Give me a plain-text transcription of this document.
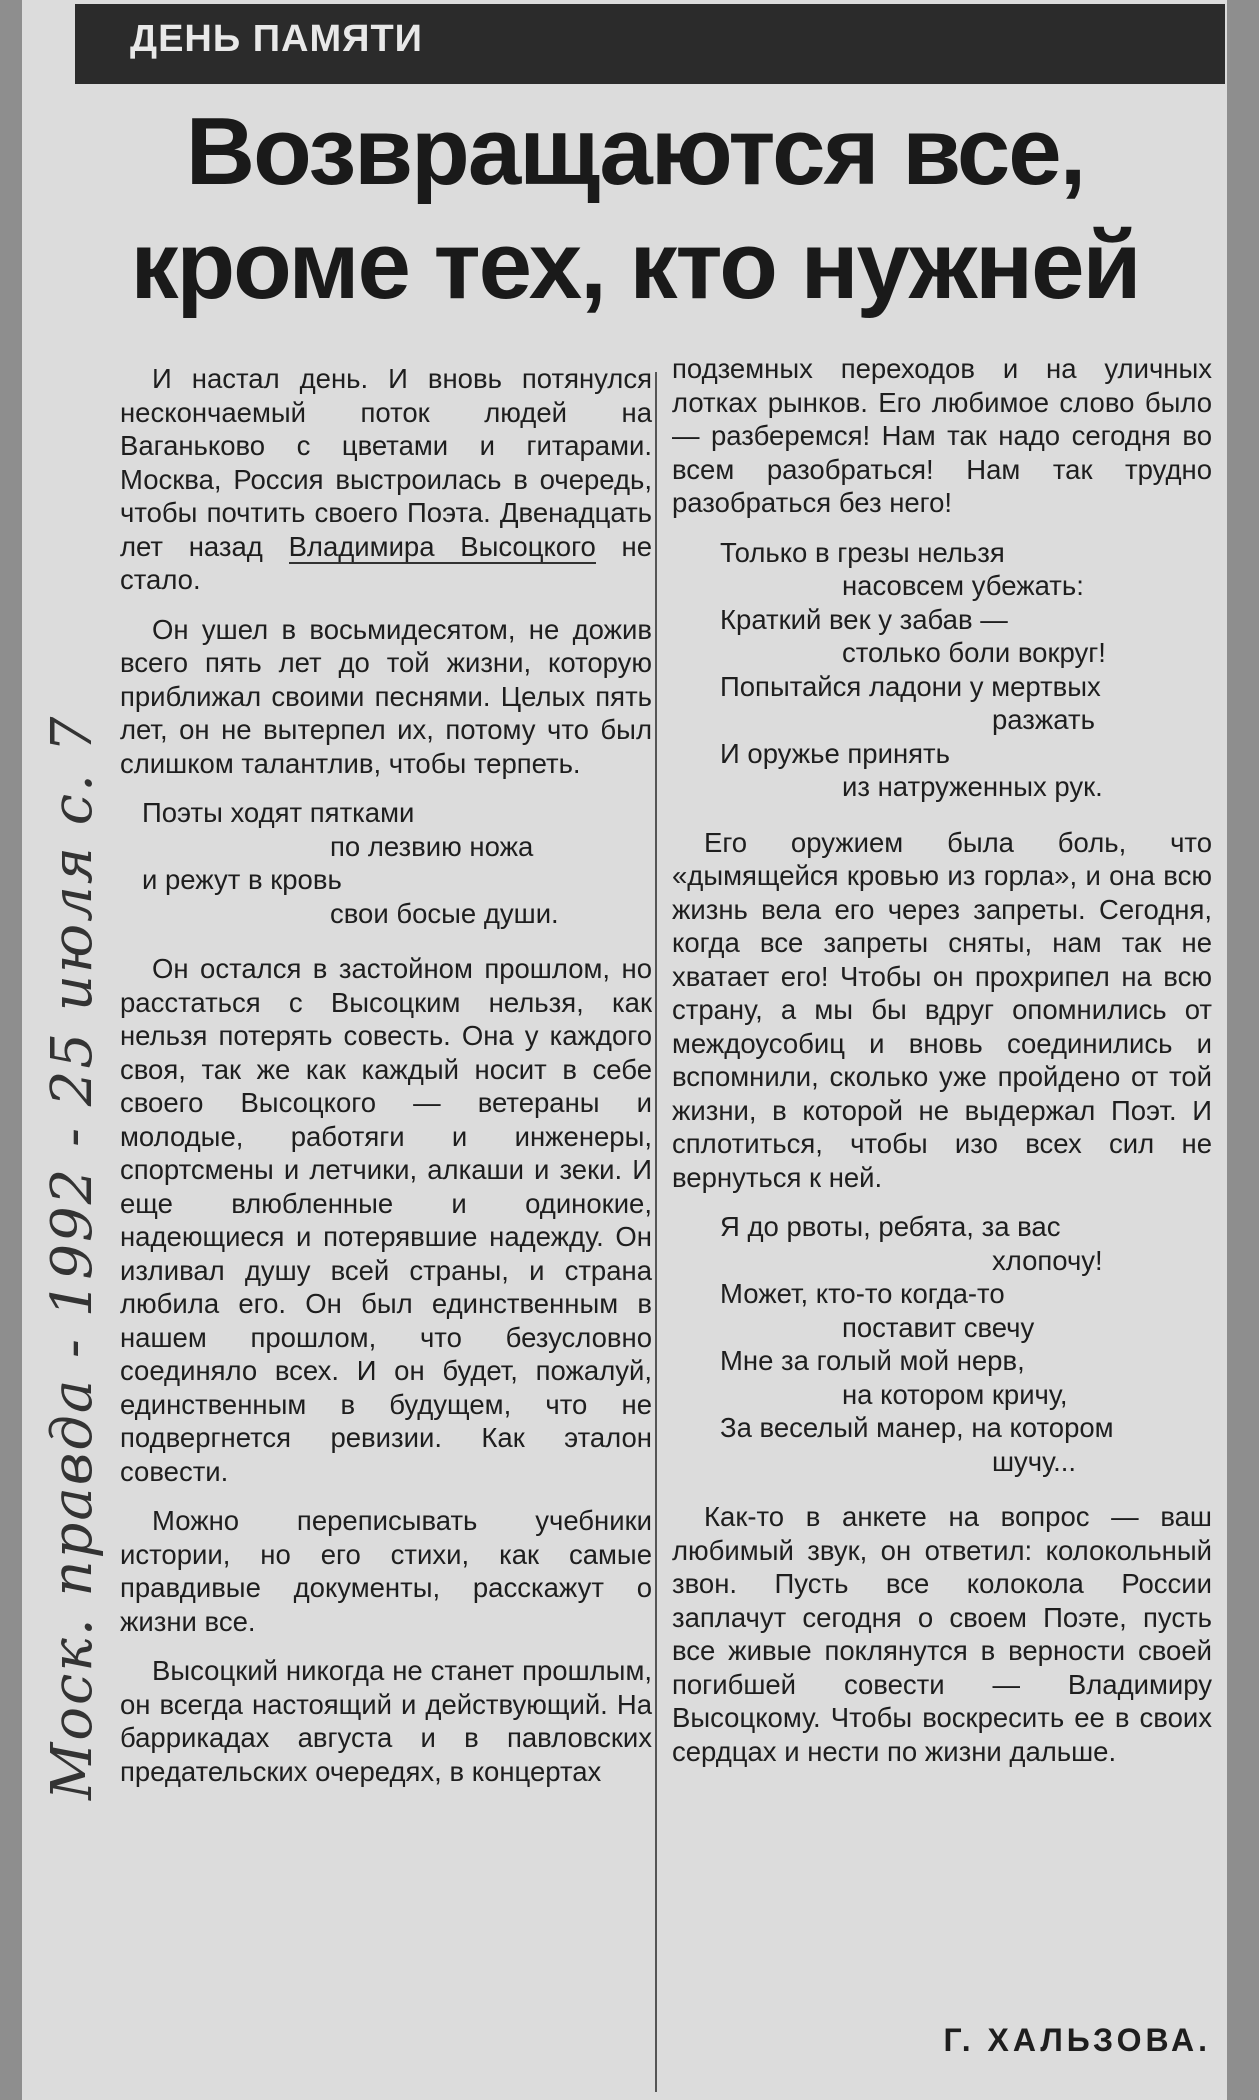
ДЕНЬ ПАМЯТИ
Возвращаются все,
кроме тех, кто нужней
Моск. правда - 1992 - 25 июля с. 7

И настал день. И вновь потянулся нескончаемый поток людей на Ваганьково с цветами и гитарами. Москва, Россия выстроилась в очередь, чтобы почтить своего Поэта. Двенадцать лет назад Владимира Высоцкого не стало.

Он ушел в восьмидесятом, не дожив всего пять лет до той жизни, которую приближал своими песнями. Целых пять лет, он не вытерпел их, потому что был слишком талантлив, чтобы терпеть.

Поэты ходят пятками
по лезвию ножа
и режут в кровь
свои босые души.

Он остался в застойном прошлом, но расстаться с Высоцким нельзя, как нельзя потерять совесть. Она у каждого своя, так же как каждый носит в себе своего Высоцкого — ветераны и молодые, работяги и инженеры, спортсмены и летчики, алкаши и зеки. И еще влюбленные и одинокие, надеющиеся и потерявшие надежду. Он изливал душу всей страны, и страна любила его. Он был единственным в нашем прошлом, что безусловно соединяло всех. И он будет, пожалуй, единственным в будущем, что не подвергнется ревизии. Как эталон совести.

Можно переписывать учебники истории, но его стихи, как самые правдивые документы, расскажут о жизни все.

Высоцкий никогда не станет прошлым, он всегда настоящий и действующий. На баррикадах августа и в павловских предательских очередях, в концертах

подземных переходов и на уличных лотках рынков. Его любимое слово было — разберемся! Нам так надо сегодня во всем разобраться! Нам так трудно разобраться без него!

Только в грезы нельзя
насовсем убежать:
Краткий век у забав —
столько боли вокруг!
Попытайся ладони у мертвых
разжать
И оружье принять
из натруженных рук.

Его оружием была боль, что «дымящейся кровью из горла», и она всю жизнь вела его через запреты. Сегодня, когда все запреты сняты, нам так не хватает его! Чтобы он прохрипел на всю страну, а мы бы вдруг опомнились от междоусобиц и вновь соединились и вспомнили, сколько уже пройдено от той жизни, в которой не выдержал Поэт. И сплотиться, чтобы изо всех сил не вернуться к ней.

Я до рвоты, ребята, за вас
хлопочу!
Может, кто-то когда-то
поставит свечу
Мне за голый мой нерв,
на котором кричу,
За веселый манер, на котором
шучу...

Как-то в анкете на вопрос — ваш любимый звук, он ответил: колокольный звон. Пусть все колокола России заплачут сегодня о своем Поэте, пусть все живые поклянутся в верности своей погибшей совести — Владимиру Высоцкому. Чтобы воскресить ее в своих сердцах и нести по жизни дальше.

Г. ХАЛЬЗОВА.
